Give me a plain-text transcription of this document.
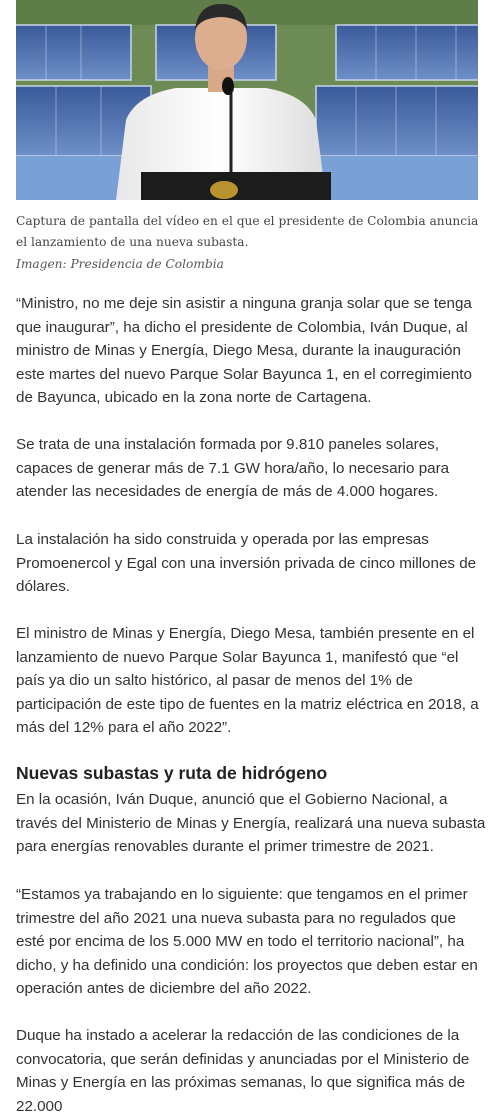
Captura de pantalla del vídeo en el que el presidente de Colombia anuncia el lanzamiento de una nueva subasta.
Imagen: Presidencia de Colombia

“Ministro, no me deje sin asistir a ninguna granja solar que se tenga que inaugurar”, ha dicho el presidente de Colombia, Iván Duque, al ministro de Minas y Energía, Diego Mesa, durante la inauguración este martes del nuevo Parque Solar Bayunca 1, en el corregimiento de Bayunca, ubicado en la zona norte de Cartagena.

Se trata de una instalación formada por 9.810 paneles solares, capaces de generar más de 7.1 GW hora/año, lo necesario para atender las necesidades de energía de más de 4.000 hogares.

La instalación ha sido construida y operada por las empresas Promoenercol y Egal con una inversión privada de cinco millones de dólares.

El ministro de Minas y Energía, Diego Mesa, también presente en el lanzamiento de nuevo Parque Solar Bayunca 1, manifestó que “el país ya dio un salto histórico, al pasar de menos del 1% de participación de este tipo de fuentes en la matriz eléctrica en 2018, a más del 12% para el año 2022”.

Nuevas subastas y ruta de hidrógeno

En la ocasión, Iván Duque, anunció que el Gobierno Nacional, a través del Ministerio de Minas y Energía, realizará una nueva subasta para energías renovables durante el primer trimestre de 2021.

“Estamos ya trabajando en lo siguiente: que tengamos en el primer trimestre del año 2021 una nueva subasta para no regulados que esté por encima de los 5.000 MW en todo el territorio nacional”, ha dicho, y ha definido una condición: los proyectos que deben estar en operación antes de diciembre del año 2022.

Duque ha instado a acelerar la redacción de las condiciones de la convocatoria, que serán definidas y anunciadas por el Ministerio de Minas y Energía en las próximas semanas, lo que significa más de 22.000
